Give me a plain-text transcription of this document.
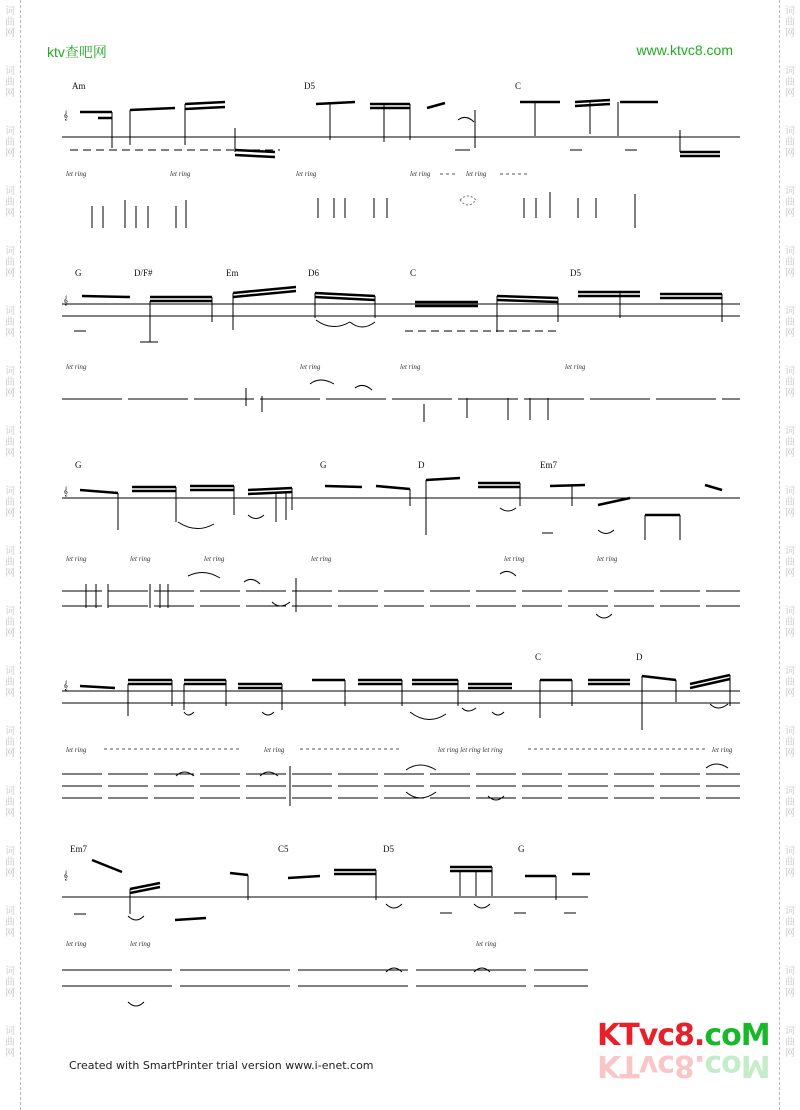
词
曲
网
词
曲
网
词
曲
网
词
曲
网
词
曲
网
词
曲
网
词
曲
网
词
曲
网
词
曲
网
词
曲
网
词
曲
网
词
曲
网
词
曲
网
词
曲
网
词
曲
网
词
曲
网
词
曲
网
词
曲
网
词
曲
网
词
曲
网
词
曲
网
词
曲
网
词
曲
网
词
曲
网
词
曲
网
词
曲
网
词
曲
网
词
曲
网
词
曲
网
词
曲
网
词
曲
网
词
曲
网
词
曲
网
词
曲
网
词
曲
网
词
曲
网
ktv查吧网	www.ktvc8.com
Am	D5	C
𝄞
let ring	let ring	let ring	let ring	let ring
G	D/F#	Em	D6	C	D5
𝄞
let ring	let ring	let ring	let ring
G	G	D	Em7
𝄞
let ring	let ring	let ring	let ring	let ring	let ring
C	D
𝄞
let ring	let ring	let ring let ring let ring	let ring
Em7	C5	D5	G
𝄞
let ring	let ring	let ring
KTvc8.coM
KTvc8.coM
Created with SmartPrinter trial version www.i-enet.com
